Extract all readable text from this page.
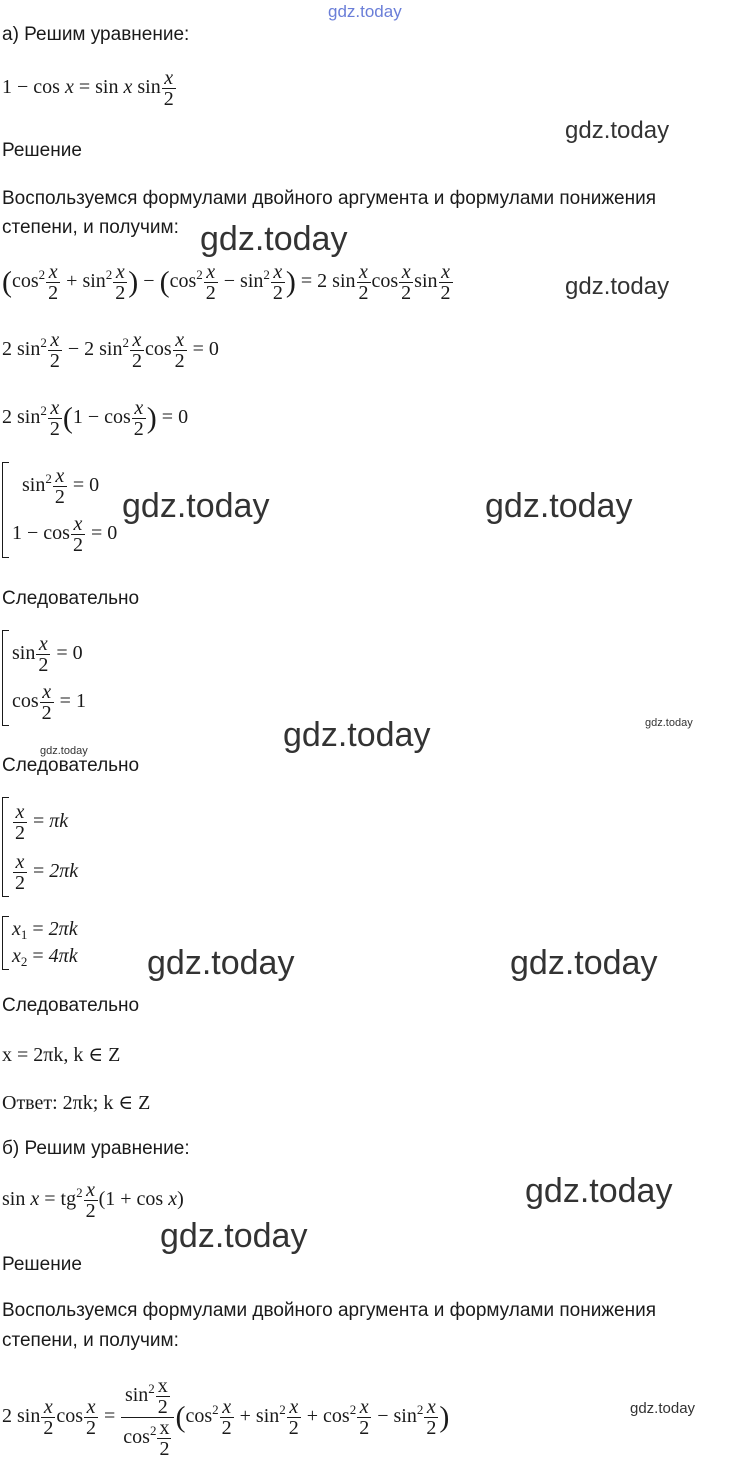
gdz.today
gdz.today
gdz.today
gdz.today
gdz.today	gdz.today
gdz.today
gdz.today
gdz.today
gdz.today	gdz.today
gdz.today
gdz.today
gdz.today
а) Решим уравнение:
1 − cos x = sin x $\sin \frac{x}{2}$
Решение
Воспользуемся формулами двойного аргумента и формулами понижения
степени, и получим:
($\cos^2 \frac{x}{2} + \sin^2 \frac{x}{2}$ ) − ($\cos^2 \frac{x}{2} - \sin^2 \frac{x}{2}$ ) = 2 $\sin \frac{x}{2}$ $\cos \frac{x}{2}$ $\sin \frac{x}{2}$
2 $\sin^2 \frac{x}{2} - 2$ $\sin^2 \frac{x}{2}$ $\cos \frac{x}{2} = 0$
2 $\sin^2 \frac{x}{2} (1 - \cos \frac{x}{2}$ ) = 0
$\sin^2 \frac{x}{2} = 0$
$1 - \cos \frac{x}{2} = 0$
Следовательно
$\sin \frac{x}{2} = 0$
$\cos \frac{x}{2} = 1$
Следовательно
$\frac{x}{2} = \pi k$
$\frac{x}{2} = 2\pi k$
$x_1 = 2\pi k$
$x_2 = 4\pi k$
Следовательно
x = 2πk, k ∈ Z
Ответ: 2πk; k ∈ Z
б) Решим уравнение:
$\sin x = tg^2 \frac{x}{2} (1 + \cos x)$
Решение
Воспользуемся формулами двойного аргумента и формулами понижения
степени, и получим:
2 $\sin \frac{x}{2}$ $\cos \frac{x}{2} = \frac{\sin^2 \frac{x}{2}}{\cos^2 \frac{x}{2}} (\cos^2 \frac{x}{2} + \sin^2 \frac{x}{2} + \cos^2 \frac{x}{2} - \sin^2 \frac{x}{2}$ )
